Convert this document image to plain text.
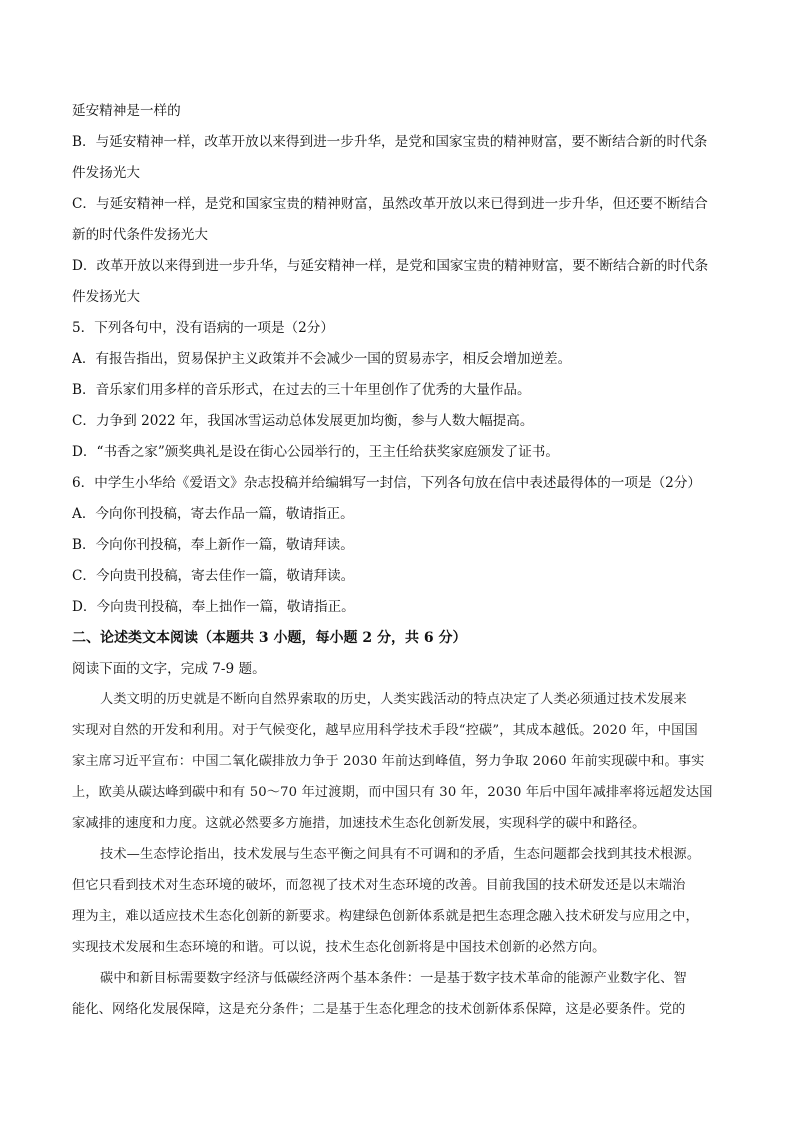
延安精神是一样的
B．与延安精神一样，改革开放以来得到进一步升华，是党和国家宝贵的精神财富，要不断结合新的时代条
件发扬光大
C．与延安精神一样，是党和国家宝贵的精神财富，虽然改革开放以来已得到进一步升华，但还要不断结合
新的时代条件发扬光大
D．改革开放以来得到进一步升华，与延安精神一样，是党和国家宝贵的精神财富，要不断结合新的时代条
件发扬光大
5．下列各句中，没有语病的一项是（2分）
A．有报告指出，贸易保护主义政策并不会减少一国的贸易赤字，相反会增加逆差。
B．音乐家们用多样的音乐形式，在过去的三十年里创作了优秀的大量作品。
C．力争到 2022 年，我国冰雪运动总体发展更加均衡，参与人数大幅提高。
D．“书香之家”颁奖典礼是设在街心公园举行的，王主任给获奖家庭颁发了证书。
6．中学生小华给《爱语文》杂志投稿并给编辑写一封信，下列各句放在信中表述最得体的一项是（2分）
A．今向你刊投稿，寄去作品一篇，敬请指正。
B．今向你刊投稿，奉上新作一篇，敬请拜读。
C．今向贵刊投稿，寄去佳作一篇，敬请拜读。
D．今向贵刊投稿，奉上拙作一篇，敬请指正。
二、论述类文本阅读（本题共 3 小题，每小题 2 分，共 6 分）
阅读下面的文字，完成 7-9 题。
人类文明的历史就是不断向自然界索取的历史，人类实践活动的特点决定了人类必须通过技术发展来
实现对自然的开发和利用。对于气候变化，越早应用科学技术手段“控碳”，其成本越低。2020 年，中国国
家主席习近平宣布：中国二氧化碳排放力争于 2030 年前达到峰值，努力争取 2060 年前实现碳中和。事实
上，欧美从碳达峰到碳中和有 50～70 年过渡期，而中国只有 30 年，2030 年后中国年减排率将远超发达国
家减排的速度和力度。这就必然要多方施措，加速技术生态化创新发展，实现科学的碳中和路径。
技术—生态悖论指出，技术发展与生态平衡之间具有不可调和的矛盾，生态问题都会找到其技术根源。
但它只看到技术对生态环境的破坏，而忽视了技术对生态环境的改善。目前我国的技术研发还是以末端治
理为主，难以适应技术生态化创新的新要求。构建绿色创新体系就是把生态理念融入技术研发与应用之中，
实现技术发展和生态环境的和谐。可以说，技术生态化创新将是中国技术创新的必然方向。
碳中和新目标需要数字经济与低碳经济两个基本条件：一是基于数字技术革命的能源产业数字化、智
能化、网络化发展保障，这是充分条件；二是基于生态化理念的技术创新体系保障，这是必要条件。党的
